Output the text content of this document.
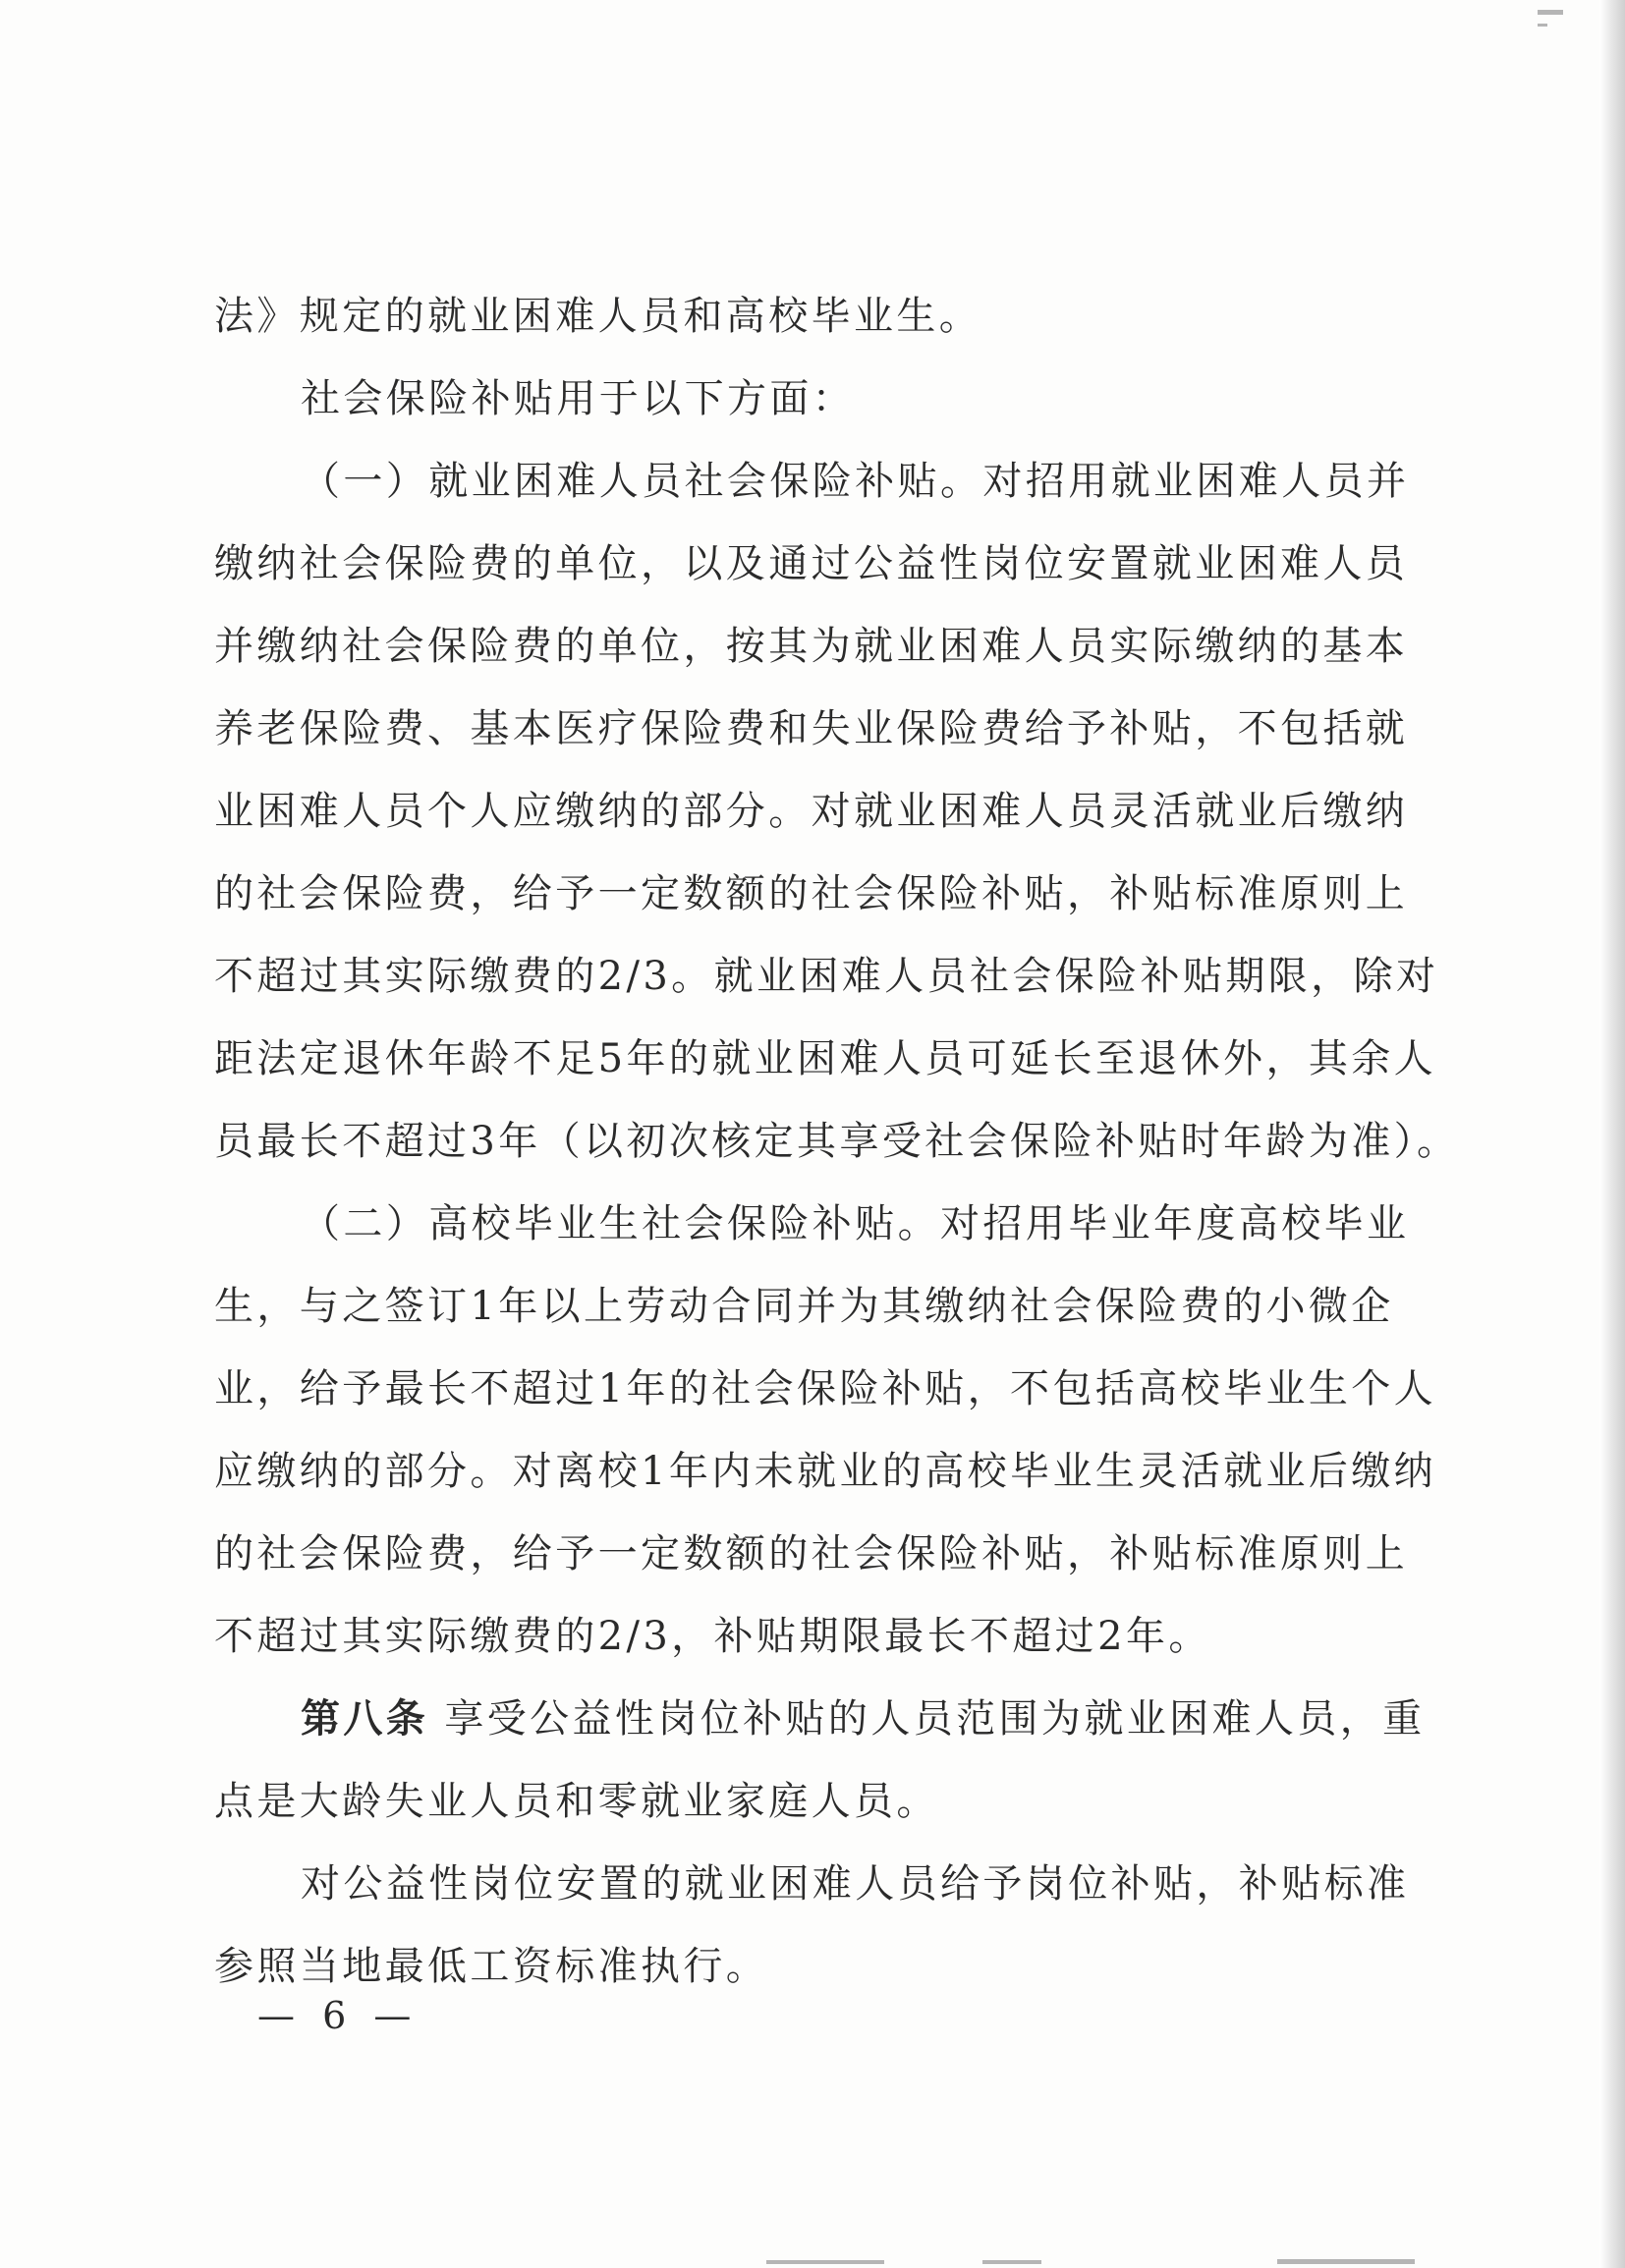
法》规定的就业困难人员和高校毕业生。
社会保险补贴用于以下方面：
（一）就业困难人员社会保险补贴。对招用就业困难人员并
缴纳社会保险费的单位，以及通过公益性岗位安置就业困难人员
并缴纳社会保险费的单位，按其为就业困难人员实际缴纳的基本
养老保险费、基本医疗保险费和失业保险费给予补贴，不包括就
业困难人员个人应缴纳的部分。对就业困难人员灵活就业后缴纳
的社会保险费，给予一定数额的社会保险补贴，补贴标准原则上
不超过其实际缴费的2/3。就业困难人员社会保险补贴期限，除对
距法定退休年龄不足5年的就业困难人员可延长至退休外，其余人
员最长不超过3年（以初次核定其享受社会保险补贴时年龄为准）。
（二）高校毕业生社会保险补贴。对招用毕业年度高校毕业
生，与之签订1年以上劳动合同并为其缴纳社会保险费的小微企
业，给予最长不超过1年的社会保险补贴，不包括高校毕业生个人
应缴纳的部分。对离校1年内未就业的高校毕业生灵活就业后缴纳
的社会保险费，给予一定数额的社会保险补贴，补贴标准原则上
不超过其实际缴费的2/3，补贴期限最长不超过2年。
第八条 享受公益性岗位补贴的人员范围为就业困难人员，重
点是大龄失业人员和零就业家庭人员。
对公益性岗位安置的就业困难人员给予岗位补贴，补贴标准
参照当地最低工资标准执行。
— 6 —
